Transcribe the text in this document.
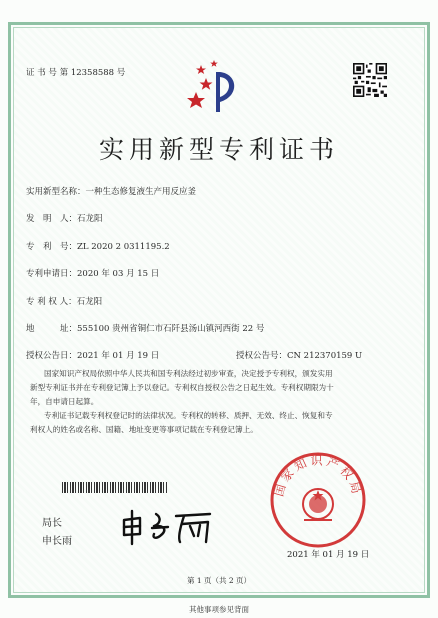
证 书 号 第 12358588 号
实用新型专利证书
实用新型名称：一种生态修复液生产用反应釜
发　明　人：石龙阳
专　利　号：ZL 2020 2 0311195.2
专利申请日：2020 年 03 月 15 日
专 利 权 人：石龙阳
地　　　址：555100 贵州省铜仁市石阡县汤山镇河西街 22 号
授权公告日：2021 年 01 月 19 日	授权公告号：CN 212370159 U
国家知识产权局依照中华人民共和国专利法经过初步审查，决定授予专利权，颁发实用
新型专利证书并在专利登记簿上予以登记。专利权自授权公告之日起生效。专利权期限为十
年，自申请日起算。
专利证书记载专利权登记时的法律状况。专利权的转移、质押、无效、终止、恢复和专
利权人的姓名或名称、国籍、地址变更等事项记载在专利登记簿上。
局长
申长雨
国家知识产权局
2021 年 01 月 19 日
第 1 页（共 2 页）
其他事项参见背面
